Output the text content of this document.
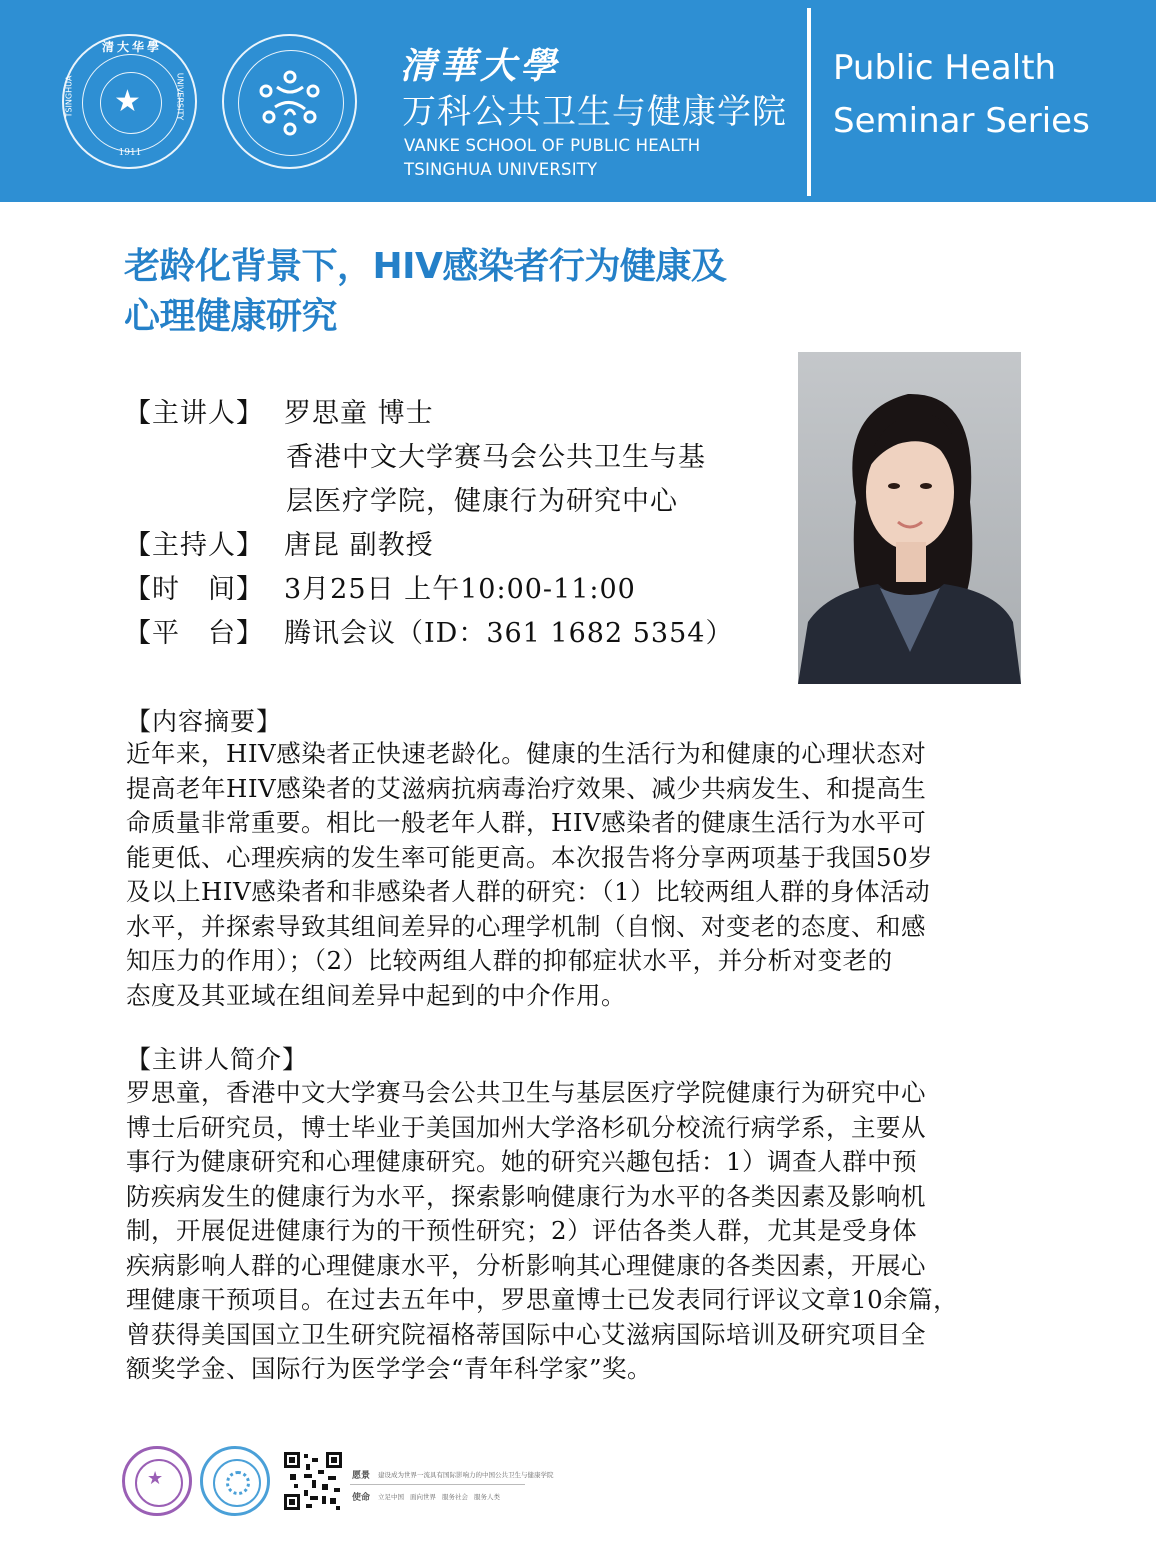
★
清大华學
1911
TSINGHUA	UNIVERSITY
清華大學
万科公共卫生与健康学院
VANKE SCHOOL OF PUBLIC HEALTH
TSINGHUA UNIVERSITY
Public Health
Seminar Series
老龄化背景下，HIV感染者行为健康及
心理健康研究
【主讲人】 罗思童 博士
香港中文大学赛马会公共卫生与基
层医疗学院，健康行为研究中心
【主持人】 唐昆 副教授
【时　间】 3月25日 上午10:00-11:00
【平　台】 腾讯会议（ID：361 1682 5354）
【内容摘要】
近年来，HIV感染者正快速老龄化。健康的生活行为和健康的心理状态对
提高老年HIV感染者的艾滋病抗病毒治疗效果、减少共病发生、和提高生
命质量非常重要。相比一般老年人群，HIV感染者的健康生活行为水平可
能更低、心理疾病的发生率可能更高。本次报告将分享两项基于我国50岁
及以上HIV感染者和非感染者人群的研究：（1）比较两组人群的身体活动
水平，并探索导致其组间差异的心理学机制（自悯、对变老的态度、和感
知压力的作用）；（2）比较两组人群的抑郁症状水平，并分析对变老的
态度及其亚域在组间差异中起到的中介作用。
【主讲人简介】
罗思童，香港中文大学赛马会公共卫生与基层医疗学院健康行为研究中心
博士后研究员，博士毕业于美国加州大学洛杉矶分校流行病学系，主要从
事行为健康研究和心理健康研究。她的研究兴趣包括：1）调查人群中预
防疾病发生的健康行为水平，探索影响健康行为水平的各类因素及影响机
制，开展促进健康行为的干预性研究；2）评估各类人群，尤其是受身体
疾病影响人群的心理健康水平，分析影响其心理健康的各类因素，开展心
理健康干预项目。在过去五年中，罗思童博士已发表同行评议文章10余篇，
曾获得美国国立卫生研究院福格蒂国际中心艾滋病国际培训及研究项目全
额奖学金、国际行为医学学会“青年科学家”奖。
★	愿景 建设成为世界一流具有国际影响力的中国公共卫生与健康学院
使命 立足中国 面向世界 服务社会 服务人类
